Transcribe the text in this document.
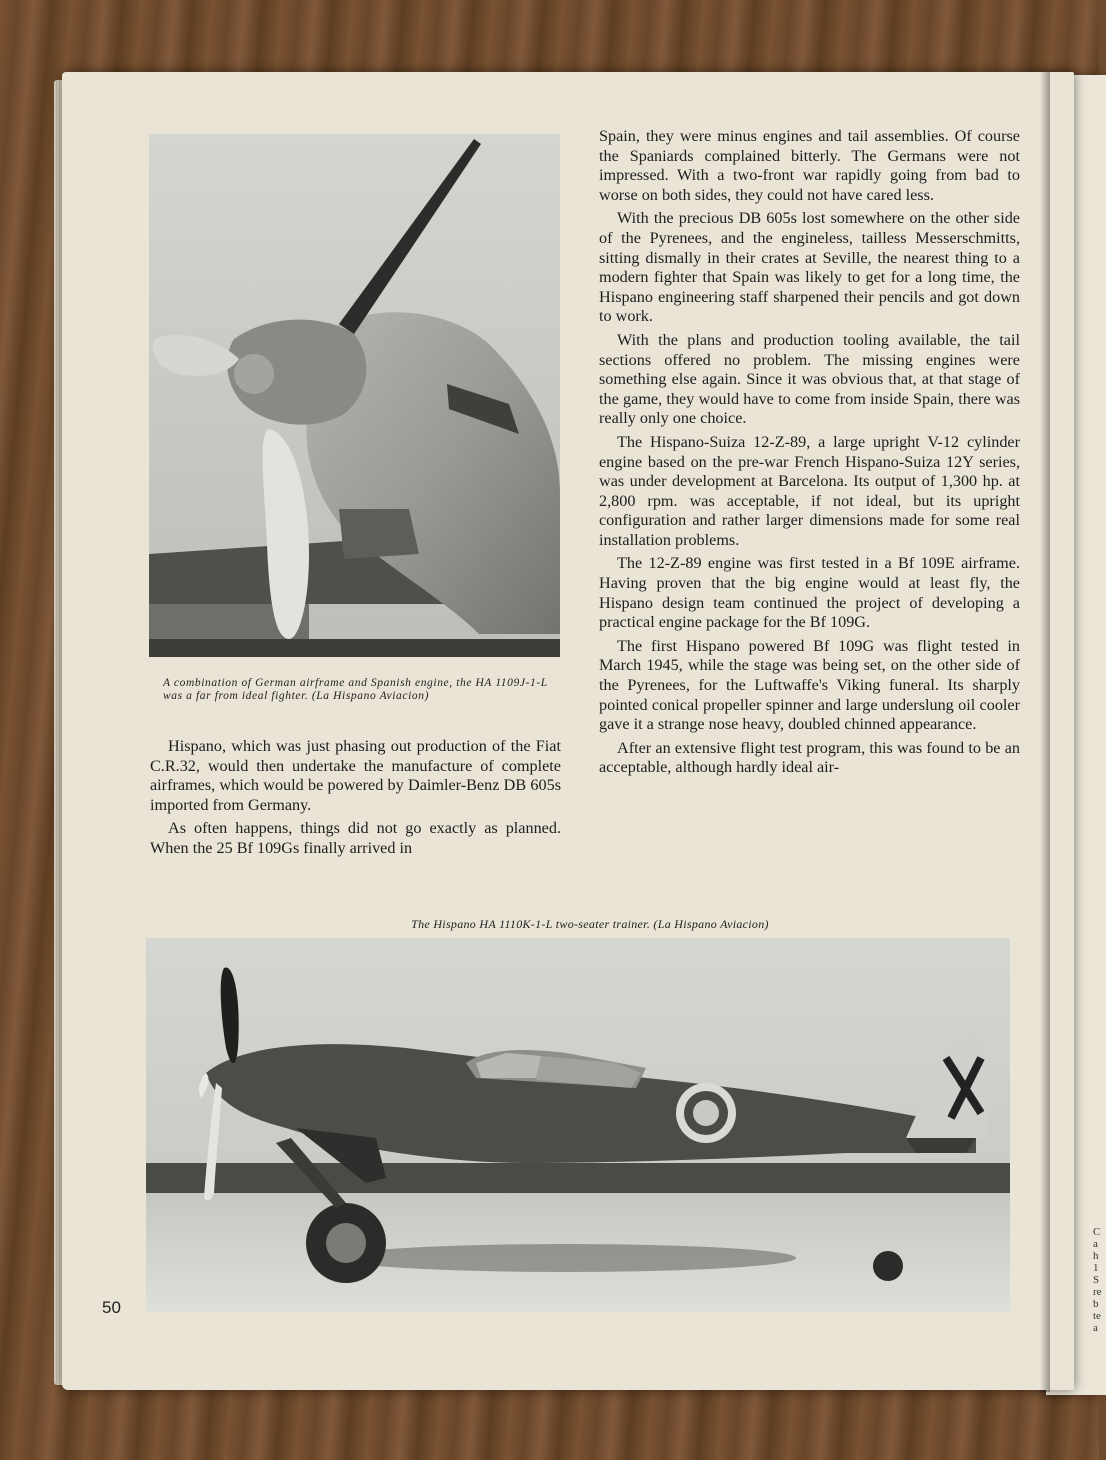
C a h 1 S re b te a
A combination of German airframe and Spanish engine, the HA 1109J-1-L was a far from ideal fighter. (La Hispano Aviacion)

Hispano, which was just phasing out production of the Fiat C.R.32, would then undertake the manufacture of complete airframes, which would be powered by Daimler-Benz DB 605s imported from Germany.

As often happens, things did not go exactly as planned. When the 25 Bf 109Gs finally arrived in

Spain, they were minus engines and tail assemblies. Of course the Spaniards complained bitterly. The Germans were not impressed. With a two-front war rapidly going from bad to worse on both sides, they could not have cared less.

With the precious DB 605s lost somewhere on the other side of the Pyrenees, and the engineless, tailless Messerschmitts, sitting dismally in their crates at Seville, the nearest thing to a modern fighter that Spain was likely to get for a long time, the Hispano engineering staff sharpened their pencils and got down to work.

With the plans and production tooling available, the tail sections offered no problem. The missing engines were something else again. Since it was obvious that, at that stage of the game, they would have to come from inside Spain, there was really only one choice.

The Hispano-Suiza 12-Z-89, a large upright V-12 cylinder engine based on the pre-war French Hispano-Suiza 12Y series, was under development at Barcelona. Its output of 1,300 hp. at 2,800 rpm. was acceptable, if not ideal, but its upright configuration and rather larger dimensions made for some real installation problems.

The 12-Z-89 engine was first tested in a Bf 109E airframe. Having proven that the big engine would at least fly, the Hispano design team continued the project of developing a practical engine package for the Bf 109G.

The first Hispano powered Bf 109G was flight tested in March 1945, while the stage was being set, on the other side of the Pyrenees, for the Luftwaffe's Viking funeral. Its sharply pointed conical propeller spinner and large underslung oil cooler gave it a strange nose heavy, doubled chinned appearance.

After an extensive flight test program, this was found to be an acceptable, although hardly ideal air-

The Hispano HA 1110K-1-L two-seater trainer. (La Hispano Aviacion)
50
